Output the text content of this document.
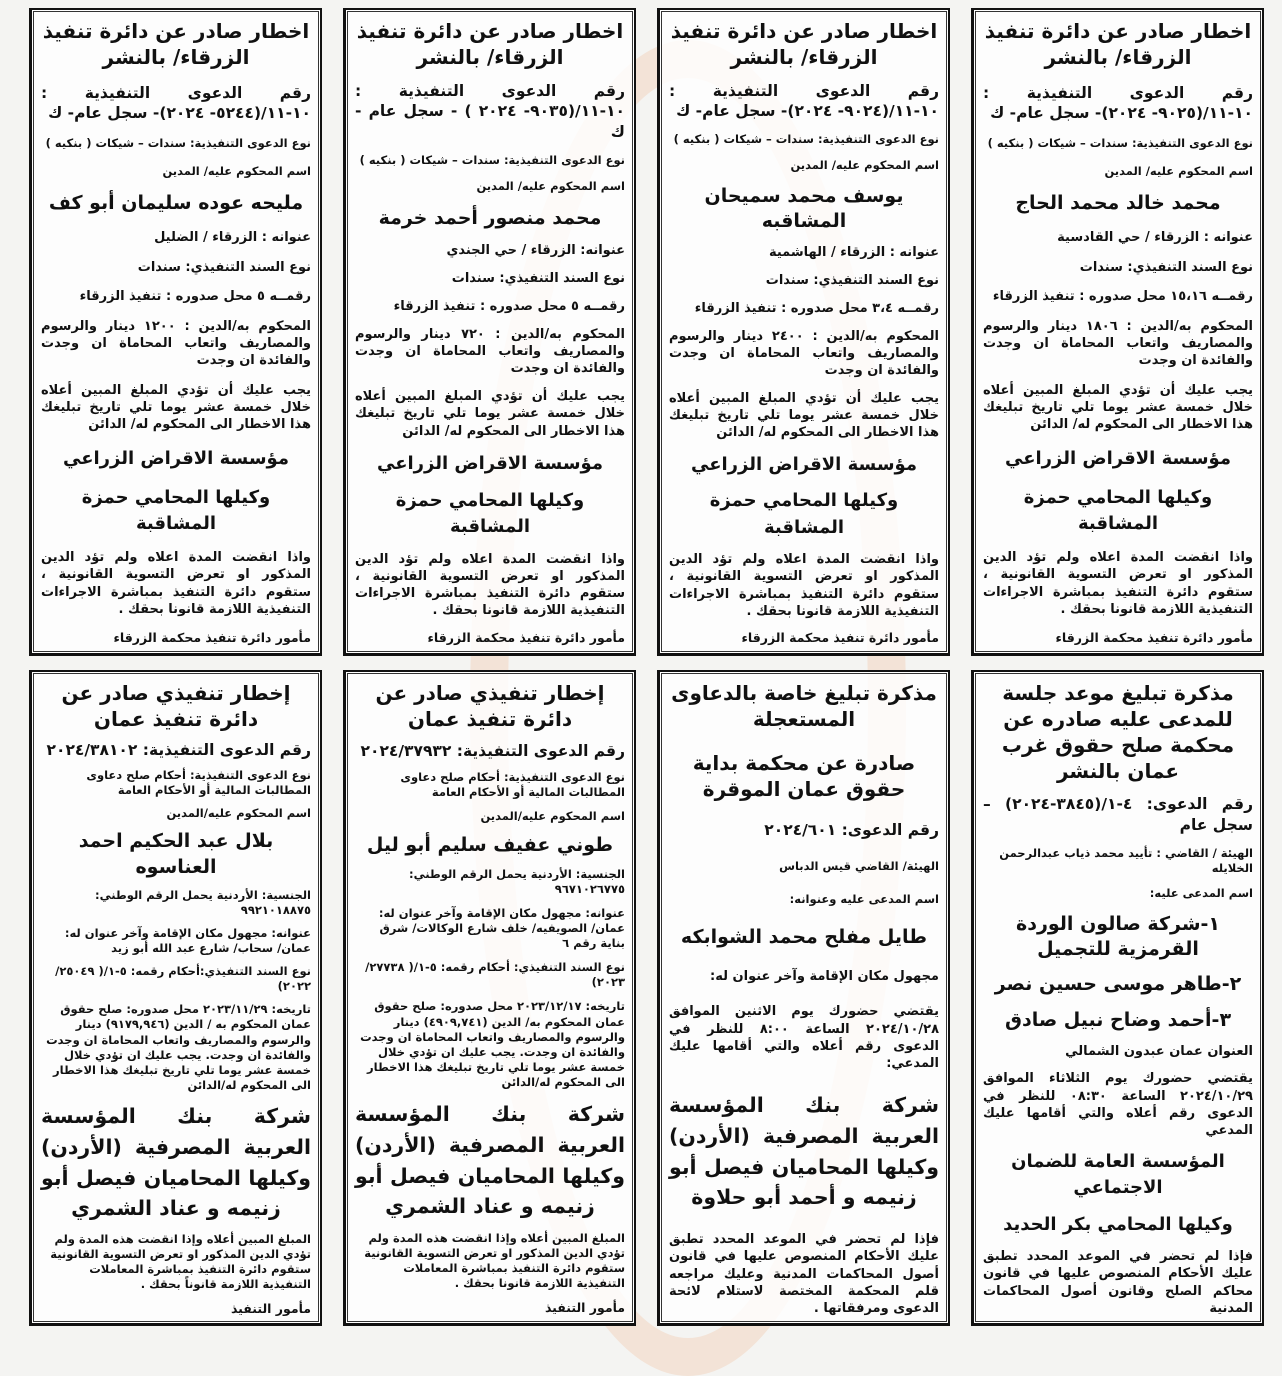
اخطار صادر عن دائرة تنفيذ الزرقاء/ بالنشر
رقم الدعوى التنفيذية : ١٠-١١/(٩٠٢٥- ٢٠٢٤)- سجل عام- ك
نوع الدعوى التنفيذية: سندات – شيكات ( بنكيه )
اسم المحكوم عليه/ المدين
محمد خالد محمد الحاج
عنوانه : الزرقاء / حي القادسية
نوع السند التنفيذي: سندات
رقمــه ١٥،١٦ محل صدوره : تنفيذ الزرقاء
المحكوم به/الدين : ١٨٠٦ دينار والرسوم والمصاريف واتعاب المحاماة ان وجدت والفائدة ان وجدت
يجب عليك أن تؤدي المبلغ المبين أعلاه خلال خمسة عشر يوما تلي تاريخ تبليغك هذا الاخطار الى المحكوم له/ الدائن
مؤسسة الاقراض الزراعي
وكيلها المحامي حمزة المشاقبة
واذا انقضت المدة اعلاه ولم تؤد الدين المذكور او تعرض التسوية القانونية ، ستقوم دائرة التنفيذ بمباشرة الاجراءات التنفيذية اللازمة قانونا بحقك .
مأمور دائرة تنفيذ محكمة الزرقاء
اخطار صادر عن دائرة تنفيذ الزرقاء/ بالنشر
رقم الدعوى التنفيذية : ١٠-١١/(٩٠٢٤- ٢٠٢٤)- سجل عام- ك
نوع الدعوى التنفيذية: سندات – شيكات ( بنكيه )
اسم المحكوم عليه/ المدين
يوسف محمد سميحان المشاقبه
عنوانه : الزرقاء / الهاشمية
نوع السند التنفيذي: سندات
رقمــه ٣،٤ محل صدوره : تنفيذ الزرقاء
المحكوم به/الدين : ٢٤٠٠ دينار والرسوم والمصاريف واتعاب المحاماة ان وجدت والفائدة ان وجدت
يجب عليك أن تؤدي المبلغ المبين أعلاه خلال خمسة عشر يوما تلي تاريخ تبليغك هذا الاخطار الى المحكوم له/ الدائن
مؤسسة الاقراض الزراعي
وكيلها المحامي حمزة المشاقبة
واذا انقضت المدة اعلاه ولم تؤد الدين المذكور او تعرض التسوية القانونية ، ستقوم دائرة التنفيذ بمباشرة الاجراءات التنفيذية اللازمة قانونا بحقك .
مأمور دائرة تنفيذ محكمة الزرقاء
اخطار صادر عن دائرة تنفيذ الزرقاء/ بالنشر
رقم الدعوى التنفيذية : ١٠-١١/(٩٠٣٥- ٢٠٢٤ ) - سجل عام - ك
نوع الدعوى التنفيذية: سندات – شيكات ( بنكيه )
اسم المحكوم عليه/ المدين
محمد منصور أحمد خرمة
عنوانه: الزرقاء / حي الجندي
نوع السند التنفيذي: سندات
رقمــه ٥ محل صدوره : تنفيذ الزرقاء
المحكوم به/الدين : ٧٢٠ دينار والرسوم والمصاريف واتعاب المحاماة ان وجدت والفائدة ان وجدت
يجب عليك أن تؤدي المبلغ المبين أعلاه خلال خمسة عشر يوما تلي تاريخ تبليغك هذا الاخطار الى المحكوم له/ الدائن
مؤسسة الاقراض الزراعي
وكيلها المحامي حمزة المشاقبة
واذا انقضت المدة اعلاه ولم تؤد الدين المذكور او تعرض التسوية القانونية ، ستقوم دائرة التنفيذ بمباشرة الاجراءات التنفيذية اللازمة قانونا بحقك .
مأمور دائرة تنفيذ محكمة الزرقاء
اخطار صادر عن دائرة تنفيذ الزرقاء/ بالنشر
رقم الدعوى التنفيذية : ١٠-١١/(٥٢٤٤- ٢٠٢٤)- سجل عام- ك
نوع الدعوى التنفيذية: سندات – شيكات ( بنكيه )
اسم المحكوم عليه/ المدين
مليحه عوده سليمان أبو كف
عنوانه : الزرقاء / الضليل
نوع السند التنفيذي: سندات
رقمــه ٥ محل صدوره : تنفيذ الزرقاء
المحكوم به/الدين : ١٢٠٠ دينار والرسوم والمصاريف واتعاب المحاماة ان وجدت والفائدة ان وجدت
يجب عليك أن تؤدي المبلغ المبين أعلاه خلال خمسة عشر يوما تلي تاريخ تبليغك هذا الاخطار الى المحكوم له/ الدائن
مؤسسة الاقراض الزراعي
وكيلها المحامي حمزة المشاقبة
واذا انقضت المدة اعلاه ولم تؤد الدين المذكور او تعرض التسوية القانونية ، ستقوم دائرة التنفيذ بمباشرة الاجراءات التنفيذية اللازمة قانونا بحقك .
مأمور دائرة تنفيذ محكمة الزرقاء
مذكرة تبليغ موعد جلسة للمدعى عليه صادره عن محكمة صلح حقوق غرب عمان بالنشر
رقم الدعوى: ٤-١/(٣٨٤٥-٢٠٢٤) – سجل عام
الهيئة / القاضي : تأييد محمد ذياب عبدالرحمن الخلايله
اسم المدعى عليه:
١-شركة صالون الوردة القرمزية للتجميل
٢-طاهر موسى حسين نصر
٣-أحمد وضاح نبيل صادق
العنوان عمان عبدون الشمالي
يقتضي حضورك يوم الثلاثاء الموافق ٢٠٢٤/١٠/٢٩ الساعة ٠٨:٣٠ للنظر في الدعوى رقم أعلاه والتي أقامها عليك المدعي
المؤسسة العامة للضمان الاجتماعي
وكيلها المحامي بكر الحديد
فإذا لم تحضر في الموعد المحدد تطبق عليك الأحكام المنصوص عليها في قانون محاكم الصلح وقانون أصول المحاكمات المدنية
مذكرة تبليغ خاصة بالدعاوى المستعجلة
صادرة عن محكمة بداية حقوق عمان الموقرة
رقم الدعوى: ٢٠٢٤/٦٠١
الهيئة/ القاضي قيس الدباس
اسم المدعى عليه وعنوانه:
طايل مفلح محمد الشوابكه
مجهول مكان الإقامة وآخر عنوان له:
يقتضي حضورك يوم الاثنين الموافق ٢٠٢٤/١٠/٢٨ الساعة ٨:٠٠ للنظر في الدعوى رقم أعلاه والتي أقامها عليك المدعي:
شركة بنك المؤسسة العربية المصرفية (الأردن) وكيلها المحاميان فيصل أبو زنيمه و أحمد أبو حلاوة
فإذا لم تحضر في الموعد المحدد تطبق عليك الأحكام المنصوص عليها في قانون أصول المحاكمات المدنية وعليك مراجعه قلم المحكمة المختصة لاستلام لائحة الدعوى ومرفقاتها .
إخطار تنفيذي صادر عن دائرة تنفيذ عمان
رقم الدعوى التنفيذية: ٢٠٢٤/٣٧٩٣٢
نوع الدعوى التنفيذية: أحكام صلح دعاوى المطالبات المالية أو الأحكام العامة
اسم المحكوم عليه/المدين
طوني عفيف سليم أبو ليل
الجنسية: الأردنية يحمل الرقم الوطني: ٩٦٧١٠٢٦٧٧٥
عنوانه: مجهول مكان الإقامة وآخر عنوان له: عمان/ الصويفيه/ خلف شارع الوكالات/ شرق بناية رقم ٦
نوع السند التنفيذي: أحكام رقمه: ٥-١/( ٢٧٧٣٨/ ٢٠٢٣)
تاريخه: ٢٠٢٣/١٢/١٧ محل صدوره: صلح حقوق عمان المحكوم به/ الدين (٤٩٠٩,٧٤١) دينار والرسوم والمصاريف واتعاب المحاماة ان وجدت والفائدة ان وجدت. يجب عليك ان تؤدي خلال خمسة عشر يوما تلي تاريخ تبليغك هذا الاخطار الى المحكوم له/الدائن
شركة بنك المؤسسة العربية المصرفية (الأردن) وكيلها المحاميان فيصل أبو زنيمه و عناد الشمري
المبلغ المبين أعلاه وإذا انقضت هذه المدة ولم تؤدي الدين المذكور او تعرض التسوية القانونية ستقوم دائرة التنفيذ بمباشرة المعاملات التنفيذية اللازمة قانونا بحقك .
مأمور التنفيذ
إخطار تنفيذي صادر عن دائرة تنفيذ عمان
رقم الدعوى التنفيذية: ٢٠٢٤/٣٨١٠٢
نوع الدعوى التنفيذية: أحكام صلح دعاوى المطالبات المالية أو الأحكام العامة
اسم المحكوم عليه/المدين
بلال عبد الحكيم احمد العناسوه
الجنسية: الأردنية يحمل الرقم الوطني: ٩٩٢١٠١٨٨٧٥
عنوانه: مجهول مكان الإقامة وآخر عنوان له: عمان/ سحاب/ شارع عبد الله أبو زيد
نوع السند التنفيذي:أحكام رقمه: ٥-١/( ٢٥٠٤٩/ ٢٠٢٢)
تاريخه: ٢٠٢٣/١١/٢٩ محل صدوره: صلح حقوق عمان المحكوم به / الدين (٩١٧٩,٩٤٦) دينار والرسوم والمصاريف واتعاب المحاماة ان وجدت والفائدة ان وجدت. يجب عليك ان تؤدي خلال خمسة عشر يوما تلي تاريخ تبليغك هذا الاخطار الى المحكوم له/الدائن
شركة بنك المؤسسة العربية المصرفية (الأردن) وكيلها المحاميان فيصل أبو زنيمه و عناد الشمري
المبلغ المبين أعلاه وإذا انقضت هذه المدة ولم تؤدي الدين المذكور او تعرض التسوية القانونية ستقوم دائرة التنفيذ بمباشرة المعاملات التنفيذية اللازمة قانوناً بحقك .
مأمور التنفيذ
